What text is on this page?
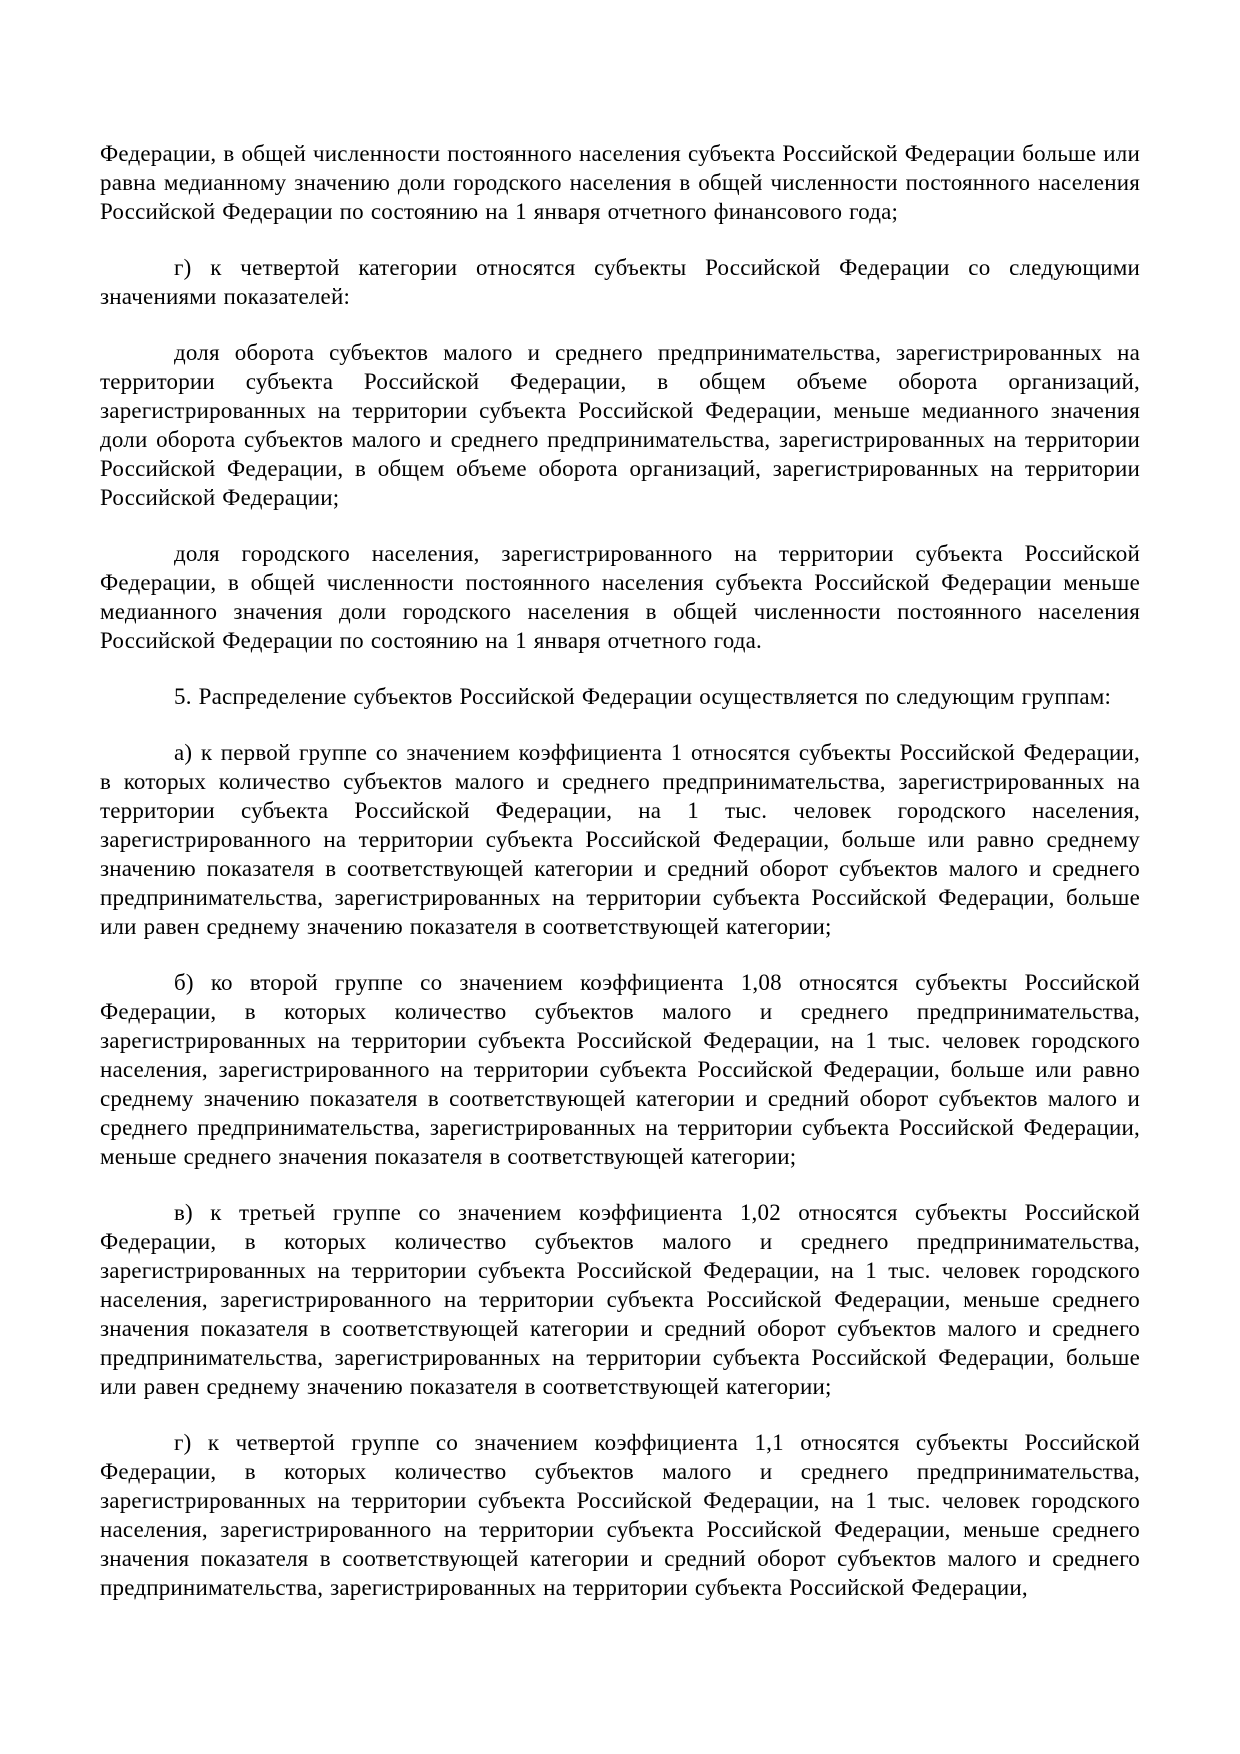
Федерации, в общей численности постоянного населения субъекта Российской Федерации больше или равна медианному значению доли городского населения в общей численности постоянного населения Российской Федерации по состоянию на 1 января отчетного финансового года;

г) к четвертой категории относятся субъекты Российской Федерации со следующими значениями показателей:

доля оборота субъектов малого и среднего предпринимательства, зарегистрированных на территории субъекта Российской Федерации, в общем объеме оборота организаций, зарегистрированных на территории субъекта Российской Федерации, меньше медианного значения доли оборота субъектов малого и среднего предпринимательства, зарегистрированных на территории Российской Федерации, в общем объеме оборота организаций, зарегистрированных на территории Российской Федерации;

доля городского населения, зарегистрированного на территории субъекта Российской Федерации, в общей численности постоянного населения субъекта Российской Федерации меньше медианного значения доли городского населения в общей численности постоянного населения Российской Федерации по состоянию на 1 января отчетного года.

5. Распределение субъектов Российской Федерации осуществляется по следующим группам:

а) к первой группе со значением коэффициента 1 относятся субъекты Российской Федерации, в которых количество субъектов малого и среднего предпринимательства, зарегистрированных на территории субъекта Российской Федерации, на 1 тыс. человек городского населения, зарегистрированного на территории субъекта Российской Федерации, больше или равно среднему значению показателя в соответствующей категории и средний оборот субъектов малого и среднего предпринимательства, зарегистрированных на территории субъекта Российской Федерации, больше или равен среднему значению показателя в соответствующей категории;

б) ко второй группе со значением коэффициента 1,08 относятся субъекты Российской Федерации, в которых количество субъектов малого и среднего предпринимательства, зарегистрированных на территории субъекта Российской Федерации, на 1 тыс. человек городского населения, зарегистрированного на территории субъекта Российской Федерации, больше или равно среднему значению показателя в соответствующей категории и средний оборот субъектов малого и среднего предпринимательства, зарегистрированных на территории субъекта Российской Федерации, меньше среднего значения показателя в соответствующей категории;

в) к третьей группе со значением коэффициента 1,02 относятся субъекты Российской Федерации, в которых количество субъектов малого и среднего предпринимательства, зарегистрированных на территории субъекта Российской Федерации, на 1 тыс. человек городского населения, зарегистрированного на территории субъекта Российской Федерации, меньше среднего значения показателя в соответствующей категории и средний оборот субъектов малого и среднего предпринимательства, зарегистрированных на территории субъекта Российской Федерации, больше или равен среднему значению показателя в соответствующей категории;

г) к четвертой группе со значением коэффициента 1,1 относятся субъекты Российской Федерации, в которых количество субъектов малого и среднего предпринимательства, зарегистрированных на территории субъекта Российской Федерации, на 1 тыс. человек городского населения, зарегистрированного на территории субъекта Российской Федерации, меньше среднего значения показателя в соответствующей категории и средний оборот субъектов малого и среднего предпринимательства, зарегистрированных на территории субъекта Российской Федерации,
